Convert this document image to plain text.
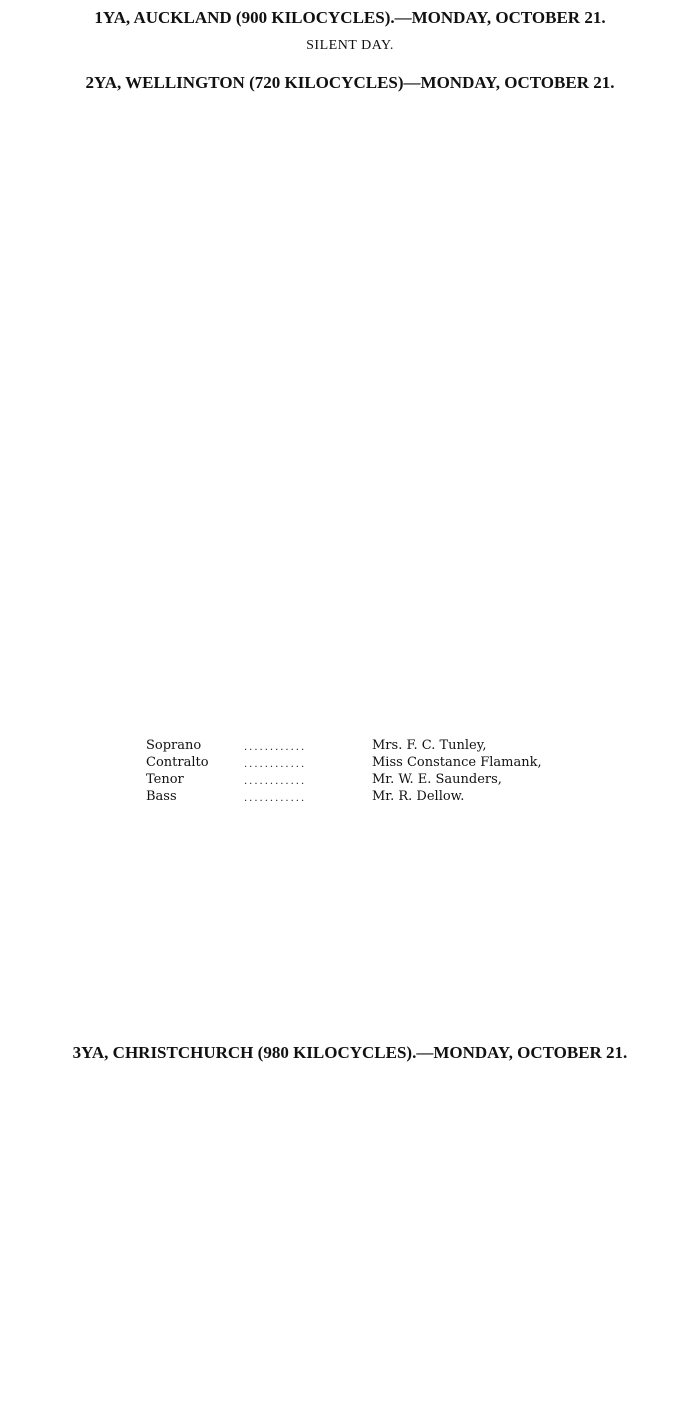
1YA, AUCKLAND (900 KILOCYCLES).—MONDAY, OCTOBER 21.
SILENT DAY.
2YA, WELLINGTON (720 KILOCYCLES)—MONDAY, OCTOBER 21.
Soprano	............	Mrs. F. C. Tunley,
Contralto	............	Miss Constance Flamank,
Tenor	............	Mr. W. E. Saunders,
Bass	............	Mr. R. Dellow.
3YA, CHRISTCHURCH (980 KILOCYCLES).—MONDAY, OCTOBER 21.
